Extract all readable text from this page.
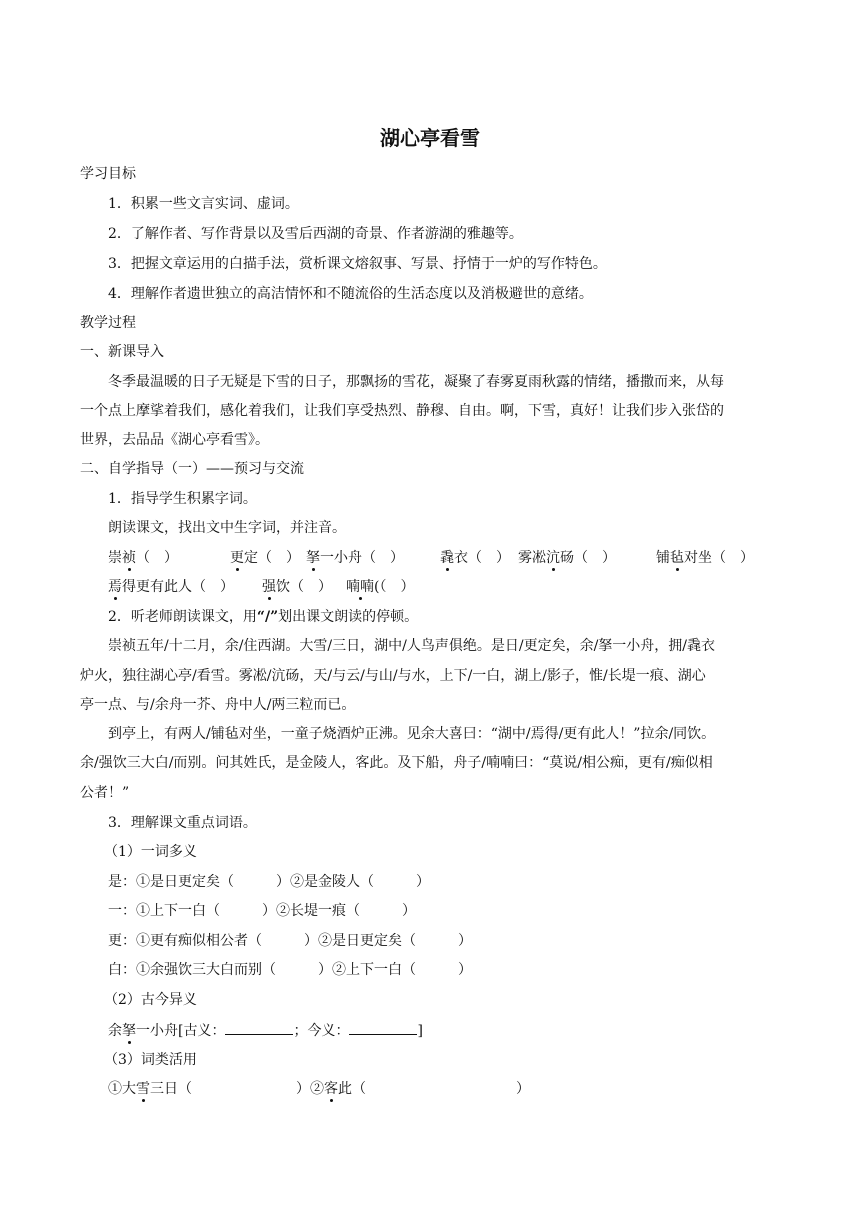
湖心亭看雪
学习目标
1．积累一些文言实词、虚词。
2．了解作者、写作背景以及雪后西湖的奇景、作者游湖的雅趣等。
3．把握文章运用的白描手法，赏析课文熔叙事、写景、抒情于一炉的写作特色。
4．理解作者遗世独立的高洁情怀和不随流俗的生活态度以及消极避世的意绪。
教学过程
一、新课导入
冬季最温暖的日子无疑是下雪的日子，那飘扬的雪花，凝聚了春雾夏雨秋露的情绪，播撒而来，从每
一个点上摩挲着我们，感化着我们，让我们享受热烈、静穆、自由。啊，下雪，真好！让我们步入张岱的
世界，去品品《湖心亭看雪》。
二、自学指导（一）——预习与交流
1．指导学生积累字词。
朗读课文，找出文中生字词，并注音。
崇祯（　）	更定（　） 拏一小舟（　）	毳衣（　） 雾凇沆砀（　）	铺毡对坐（　）
焉得更有此人（　） 强饮（　） 喃喃(（　）
2．听老师朗读课文，用“/”划出课文朗读的停顿。
崇祯五年/十二月，余/住西湖。大雪/三日，湖中/人鸟声俱绝。是日/更定矣，余/拏一小舟，拥/毳衣
炉火，独往湖心亭/看雪。雾凇/沆砀，天/与云/与山/与水，上下/一白，湖上/影子，惟/长堤一痕、湖心
亭一点、与/余舟一芥、舟中人/两三粒而已。
到亭上，有两人/铺毡对坐，一童子烧酒炉正沸。见余大喜曰：“湖中/焉得/更有此人！”拉余/同饮。
余/强饮三大白/而别。问其姓氏，是金陵人，客此。及下船，舟子/喃喃曰：“莫说/相公痴，更有/痴似相
公者！”
3．理解课文重点词语。
（1）一词多义
是：①是日更定矣（	）②是金陵人（	）
一：①上下一白（	）②长堤一痕（	）
更：①更有痴似相公者（	）②是日更定矣（	）
白：①余强饮三大白而别（	）②上下一白（	）
（2）古今异义
余拏一小舟[古义：	；今义：	]
（3）词类活用
①大雪三日（	）②客此（	）
